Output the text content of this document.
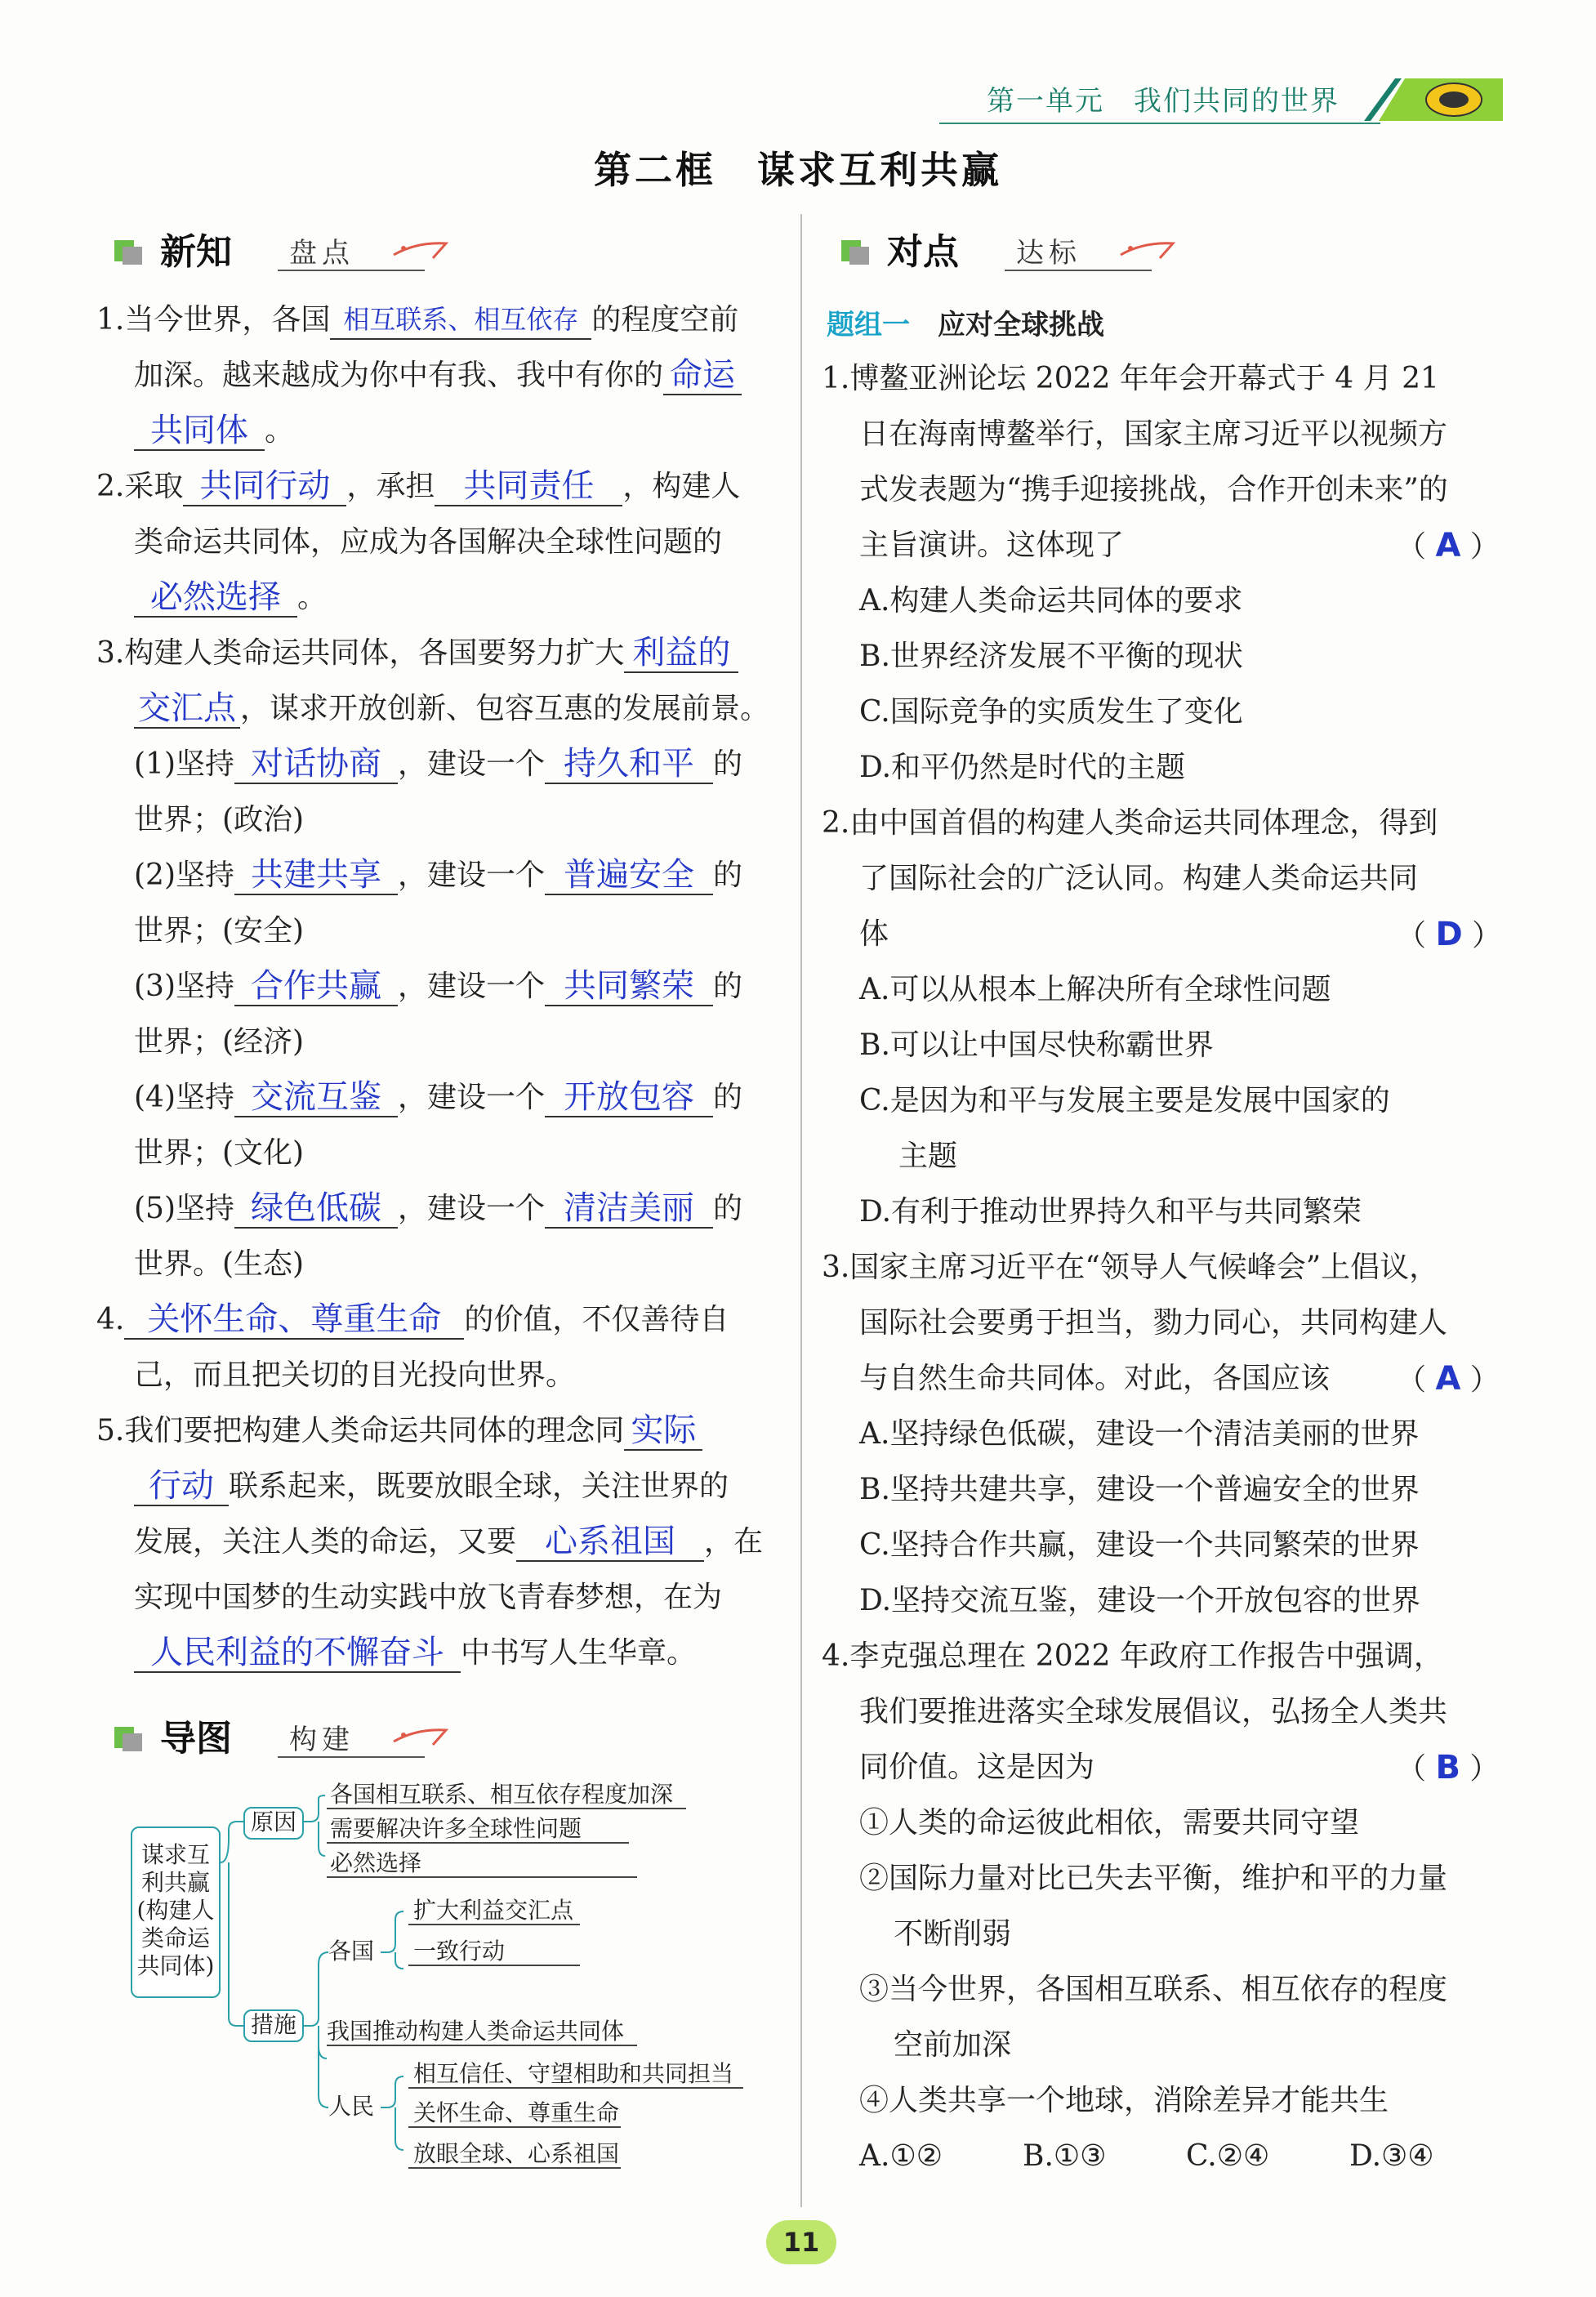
第一单元　我们共同的世界
第二框　谋求互利共赢
新知 盘点
1.当今世界，各国 相互联系、相互依存 的程度空前
加深。越来越成为你中有我、我中有你的 命运
共同体 。
2.采取 共同行动 ，承担 共同责任 ，构建人
类命运共同体，应成为各国解决全球性问题的
必然选择 。
3.构建人类命运共同体，各国要努力扩大 利益的
交汇点 ，谋求开放创新、包容互惠的发展前景。
(1)坚持 对话协商 ，建设一个 持久和平 的
世界；(政治)
(2)坚持 共建共享 ，建设一个 普遍安全 的
世界；(安全)
(3)坚持 合作共赢 ，建设一个 共同繁荣 的
世界；(经济)
(4)坚持 交流互鉴 ，建设一个 开放包容 的
世界；(文化)
(5)坚持 绿色低碳 ，建设一个 清洁美丽 的
世界。(生态)
4. 关怀生命、尊重生命 的价值，不仅善待自
己，而且把关切的目光投向世界。
5.我们要把构建人类命运共同体的理念同 实际
行动 联系起来，既要放眼全球，关注世界的
发展，关注人类的命运，又要 心系祖国 ，在
实现中国梦的生动实践中放飞青春梦想，在为
人民利益的不懈奋斗 中书写人生华章。
导图 构建
谋求互
利共赢
(构建人
类命运
共同体)
原因
措施
各国相互联系、相互依存程度加深
需要解决许多全球性问题
必然选择
各国
扩大利益交汇点
一致行动
我国推动构建人类命运共同体
人民
相互信任、守望相助和共同担当
关怀生命、尊重生命
放眼全球、心系祖国
对点 达标
题组一　应对全球挑战
1.博鳌亚洲论坛 2022 年年会开幕式于 4 月 21
日在海南博鳌举行，国家主席习近平以视频方
式发表题为“携手迎接挑战，合作开创未来”的
主旨演讲。这体现了	（ A ）
A.构建人类命运共同体的要求
B.世界经济发展不平衡的现状
C.国际竞争的实质发生了变化
D.和平仍然是时代的主题
2.由中国首倡的构建人类命运共同体理念，得到
了国际社会的广泛认同。构建人类命运共同
体	（ D ）
A.可以从根本上解决所有全球性问题
B.可以让中国尽快称霸世界
C.是因为和平与发展主要是发展中国家的
主题
D.有利于推动世界持久和平与共同繁荣
3.国家主席习近平在“领导人气候峰会”上倡议，
国际社会要勇于担当，勠力同心，共同构建人
与自然生命共同体。对此，各国应该 （ A ）
A.坚持绿色低碳，建设一个清洁美丽的世界
B.坚持共建共享，建设一个普遍安全的世界
C.坚持合作共赢，建设一个共同繁荣的世界
D.坚持交流互鉴，建设一个开放包容的世界
4.李克强总理在 2022 年政府工作报告中强调，
我们要推进落实全球发展倡议，弘扬全人类共
同价值。这是因为	（ B ）
①人类的命运彼此相依，需要共同守望
②国际力量对比已失去平衡，维护和平的力量
不断削弱
③当今世界，各国相互联系、相互依存的程度
空前加深
④人类共享一个地球，消除差异才能共生
A.①②	B.①③	C.②④	D.③④
11
